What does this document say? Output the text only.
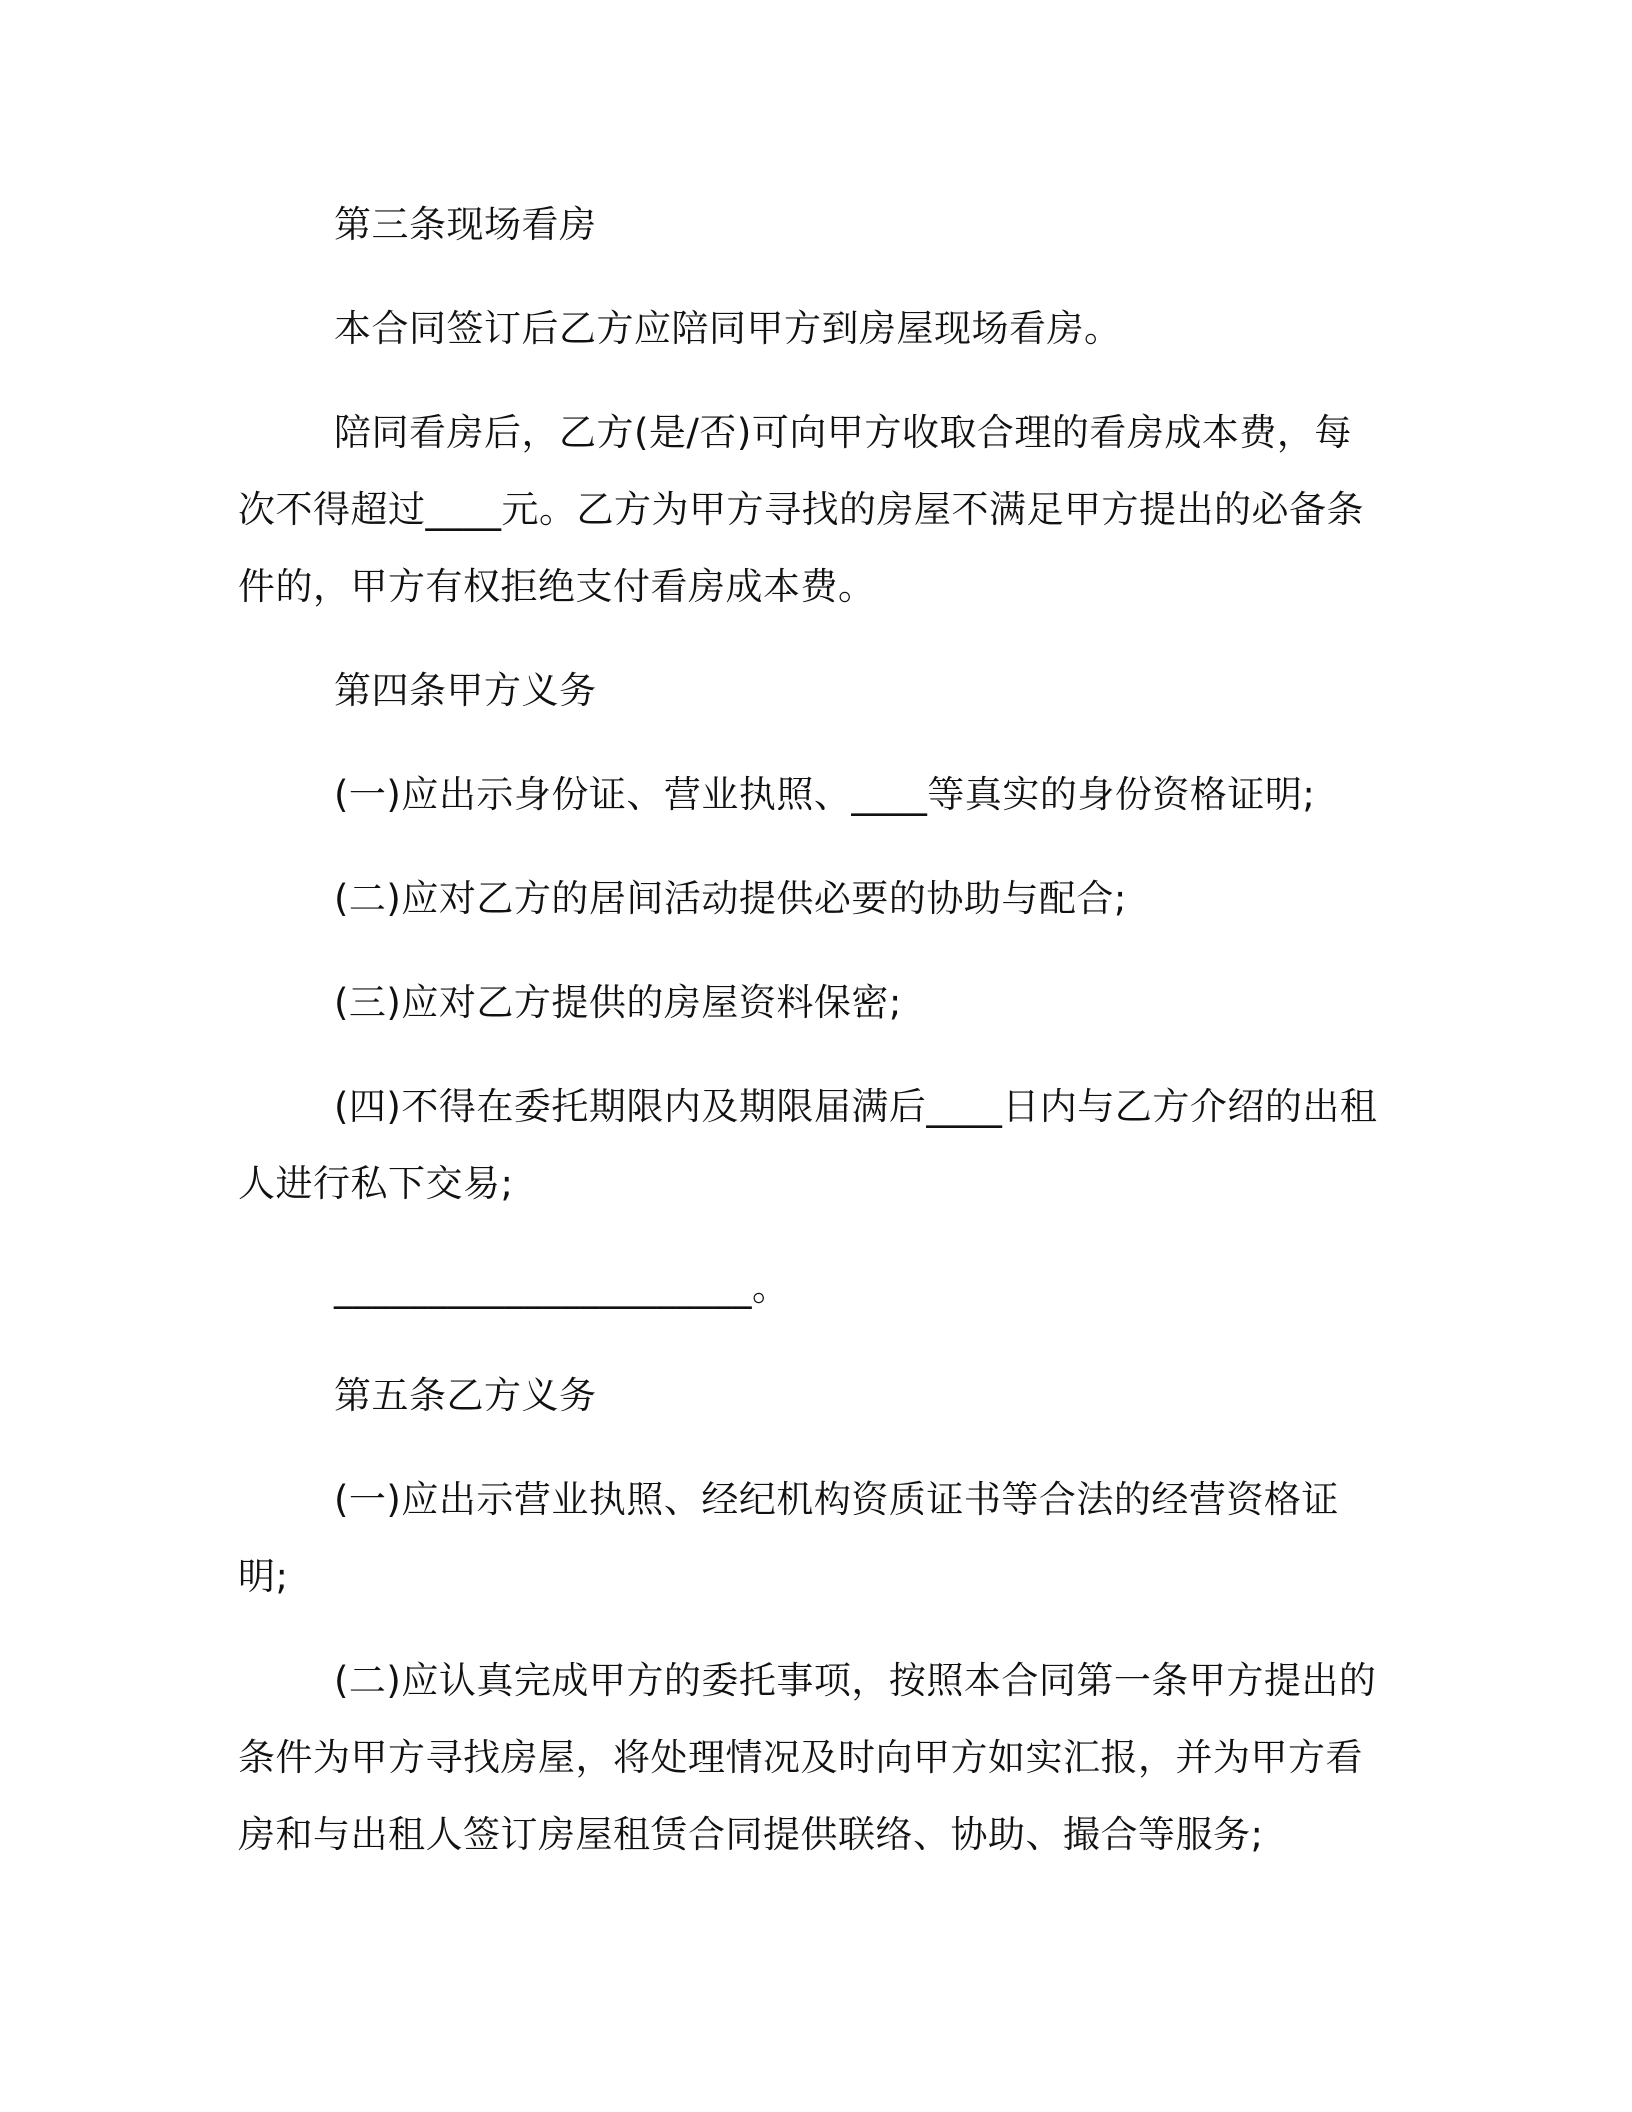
第三条现场看房

本合同签订后乙方应陪同甲方到房屋现场看房。

陪同看房后，乙方(是/否)可向甲方收取合理的看房成本费，每次不得超过____元。乙方为甲方寻找的房屋不满足甲方提出的必备条件的，甲方有权拒绝支付看房成本费。

第四条甲方义务

(一)应出示身份证、营业执照、____等真实的身份资格证明;

(二)应对乙方的居间活动提供必要的协助与配合;

(三)应对乙方提供的房屋资料保密;

(四)不得在委托期限内及期限届满后____日内与乙方介绍的出租人进行私下交易;

______________________。

第五条乙方义务

(一)应出示营业执照、经纪机构资质证书等合法的经营资格证明;

(二)应认真完成甲方的委托事项，按照本合同第一条甲方提出的条件为甲方寻找房屋，将处理情况及时向甲方如实汇报，并为甲方看房和与出租人签订房屋租赁合同提供联络、协助、撮合等服务;
